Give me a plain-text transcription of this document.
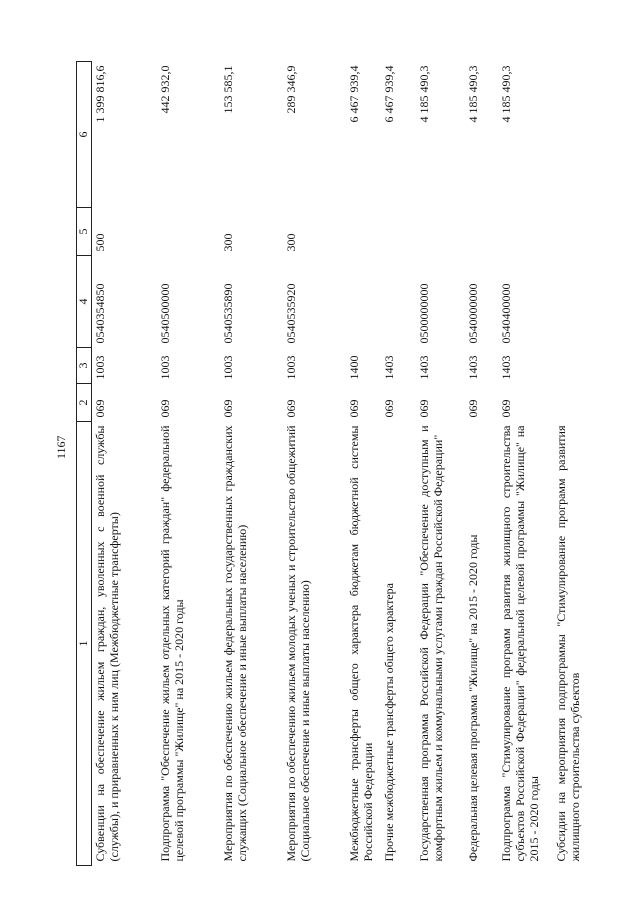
1167
1	2	3	4	5	6
Субвенции на обеспечение жильем граждан, уволенных с военной службы (службы), и приравненных к ним лиц (Межбюджетные трансферты)	069	1003	0540354850	500	1 399 816,6
Подпрограмма "Обеспечение жильем отдельных категорий граждан" федеральной целевой программы "Жилище" на 2015 - 2020 годы	069	1003	0540500000		442 932,0
Мероприятия по обеспечению жильем федеральных государственных гражданских служащих (Социальное обеспечение и иные выплаты населению)	069	1003	0540535890	300	153 585,1
Мероприятия по обеспечению жильем молодых ученых и строительство общежитий (Социальное обеспечение и иные выплаты населению)	069	1003	0540535920	300	289 346,9
Межбюджетные трансферты общего характера бюджетам бюджетной системы Российской Федерации	069	1400			6 467 939,4
Прочие межбюджетные трансферты общего характера	069	1403			6 467 939,4
Государственная программа Российской Федерации "Обеспечение доступным и комфортным жильем и коммунальными услугами граждан Российской Федерации"	069	1403	0500000000		4 185 490,3
Федеральная целевая программа "Жилище" на 2015 - 2020 годы	069	1403	0540000000		4 185 490,3
Подпрограмма "Стимулирование программ развития жилищного строительства субъектов Российской Федерации" федеральной целевой программы "Жилище" на 2015 - 2020 годы	069	1403	0540400000		4 185 490,3
Субсидии на мероприятия подпрограммы "Стимулирование программ развития жилищного строительства субъектов					
